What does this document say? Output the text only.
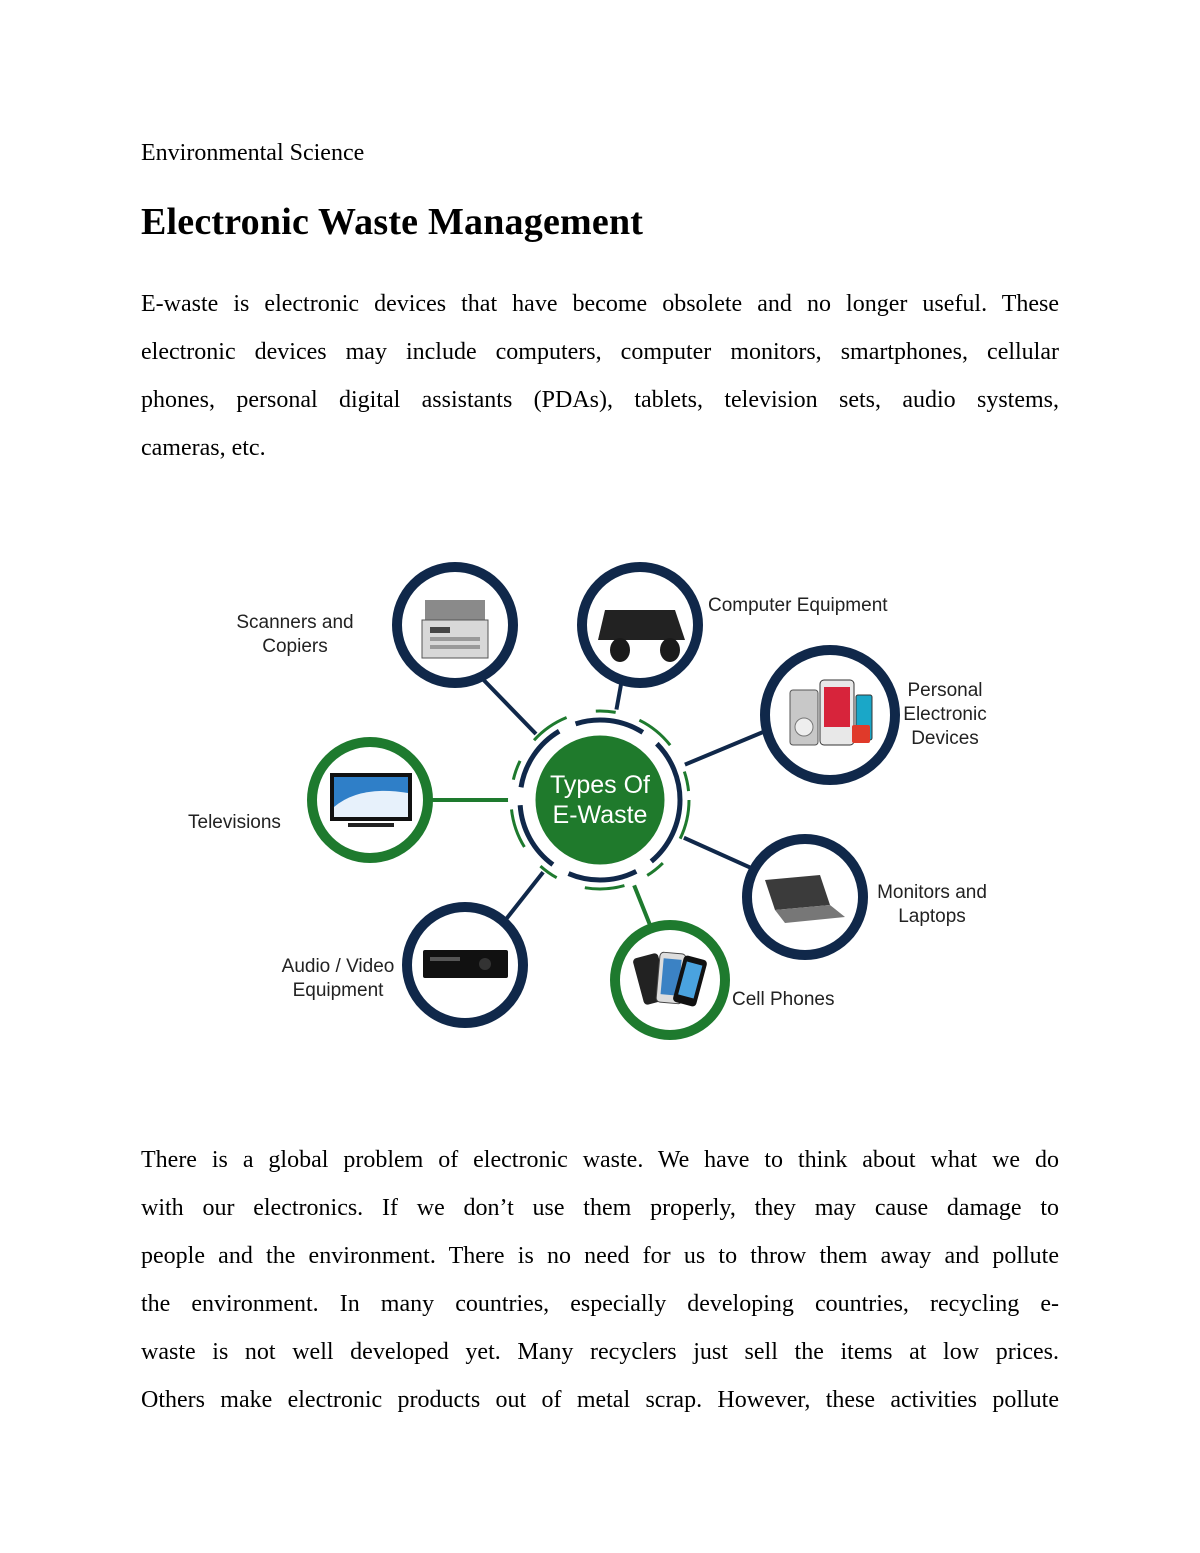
Environmental Science
Electronic Waste Management
E-waste is electronic devices that have become obsolete and no longer useful. These
electronic devices may include computers, computer monitors, smartphones, cellular
phones, personal digital assistants (PDAs), tablets, television sets, audio systems,
cameras, etc.
Types Of
E-Waste
Scanners and
Copiers
Computer Equipment
Personal
Electronic
Devices
Televisions
Monitors and
Laptops
Audio / Video
Equipment	Cell Phones
There is a global problem of electronic waste. We have to think about what we do
with our electronics. If we don’t use them properly, they may cause damage to
people and the environment. There is no need for us to throw them away and pollute
the environment. In many countries, especially developing countries, recycling e-
waste is not well developed yet. Many recyclers just sell the items at low prices.
Others make electronic products out of metal scrap. However, these activities pollute
